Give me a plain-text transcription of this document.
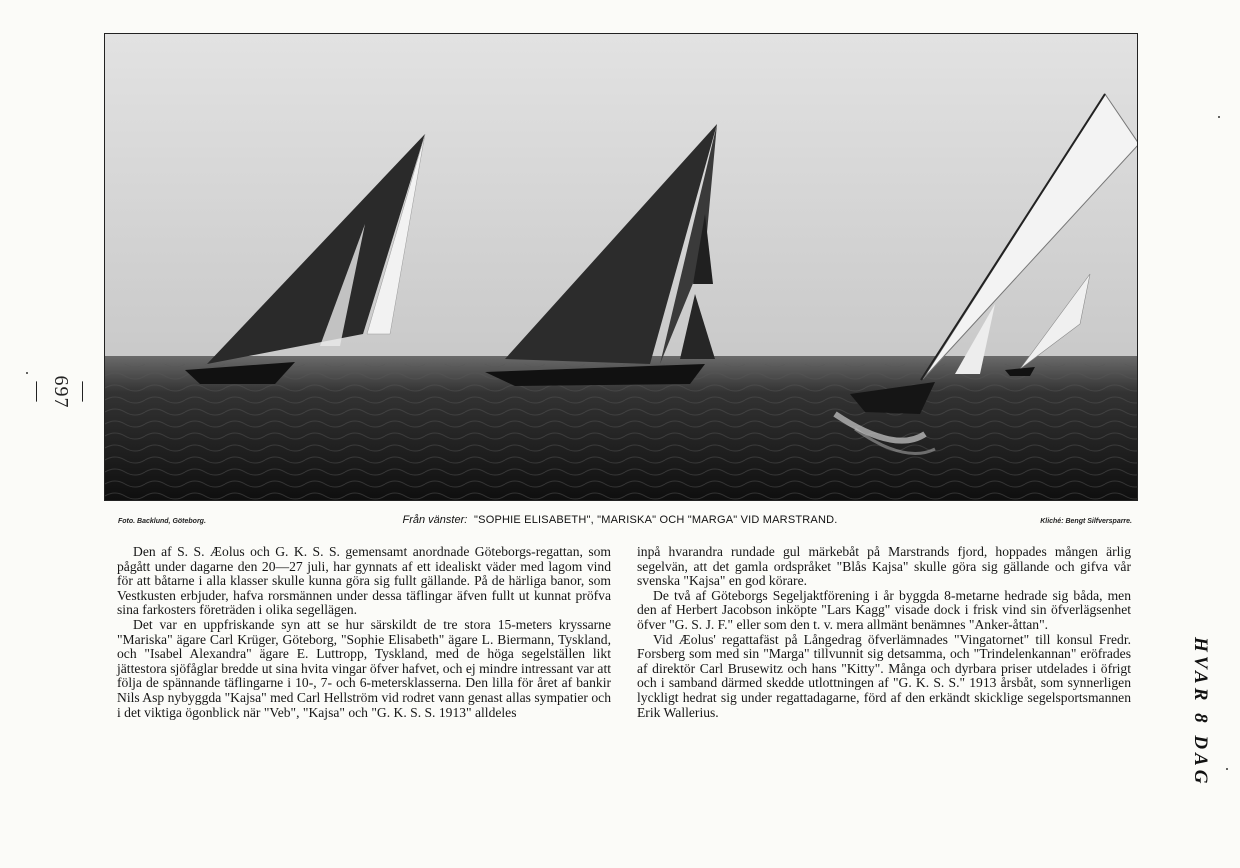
— 697 —
Foto. Backlund, Göteborg.	Från vänster: "SOPHIE ELISABETH", "MARISKA" OCH "MARGA" VID MARSTRAND.	Kliché: Bengt Silfversparre.

Den af S. S. Æolus och G. K. S. S. gemensamt anordnade Göteborgs-regattan, som pågått under dagarne den 20—27 juli, har gynnats af ett idealiskt väder med lagom vind för att båtarne i alla klasser skulle kunna göra sig fullt gällande. På de härliga banor, som Vestkusten erbjuder, hafva rorsmännen under dessa täflingar äfven fullt ut kunnat pröfva sina farkosters företräden i olika segellägen.

Det var en uppfriskande syn att se hur särskildt de tre stora 15-meters kryssarne "Mariska" ägare Carl Krüger, Göteborg, "Sophie Elisabeth" ägare L. Biermann, Tyskland, och "Isabel Alexandra" ägare E. Luttropp, Tyskland, med de höga segelställen likt jättestora sjöfåglar bredde ut sina hvita vingar öfver hafvet, och ej mindre intressant var att följa de spännande täflingarne i 10-, 7- och 6-metersklasserna. Den lilla för året af bankir Nils Asp nybyggda "Kajsa" med Carl Hellström vid rodret vann genast allas sympatier och i det viktiga ögonblick när "Veb", "Kajsa" och "G. K. S. S. 1913" alldeles

inpå hvarandra rundade gul märkebåt på Marstrands fjord, hoppades mången ärlig segelvän, att det gamla ordspråket "Blås Kajsa" skulle göra sig gällande och gifva vår svenska "Kajsa" en god körare.

De två af Göteborgs Segeljaktförening i år byggda 8-metarne hedrade sig båda, men den af Herbert Jacobson inköpte "Lars Kagg" visade dock i frisk vind sin öfverlägsenhet öfver "G. S. J. F." eller som den t. v. mera allmänt benämnes "Anker-åttan".

Vid Æolus' regattafäst på Långedrag öfverlämnades "Vingatornet" till konsul Fredr. Forsberg som med sin "Marga" tillvunnit sig detsamma, och "Trindelenkannan" eröfrades af direktör Carl Brusewitz och hans "Kitty". Många och dyrbara priser utdelades i öfrigt och i samband därmed skedde utlottningen af "G. K. S. S." 1913 årsbåt, som synnerligen lyckligt hedrat sig under regattadagarne, förd af den erkändt skicklige segelsportsmannen Erik Wallerius.	HVAR 8 DAG
